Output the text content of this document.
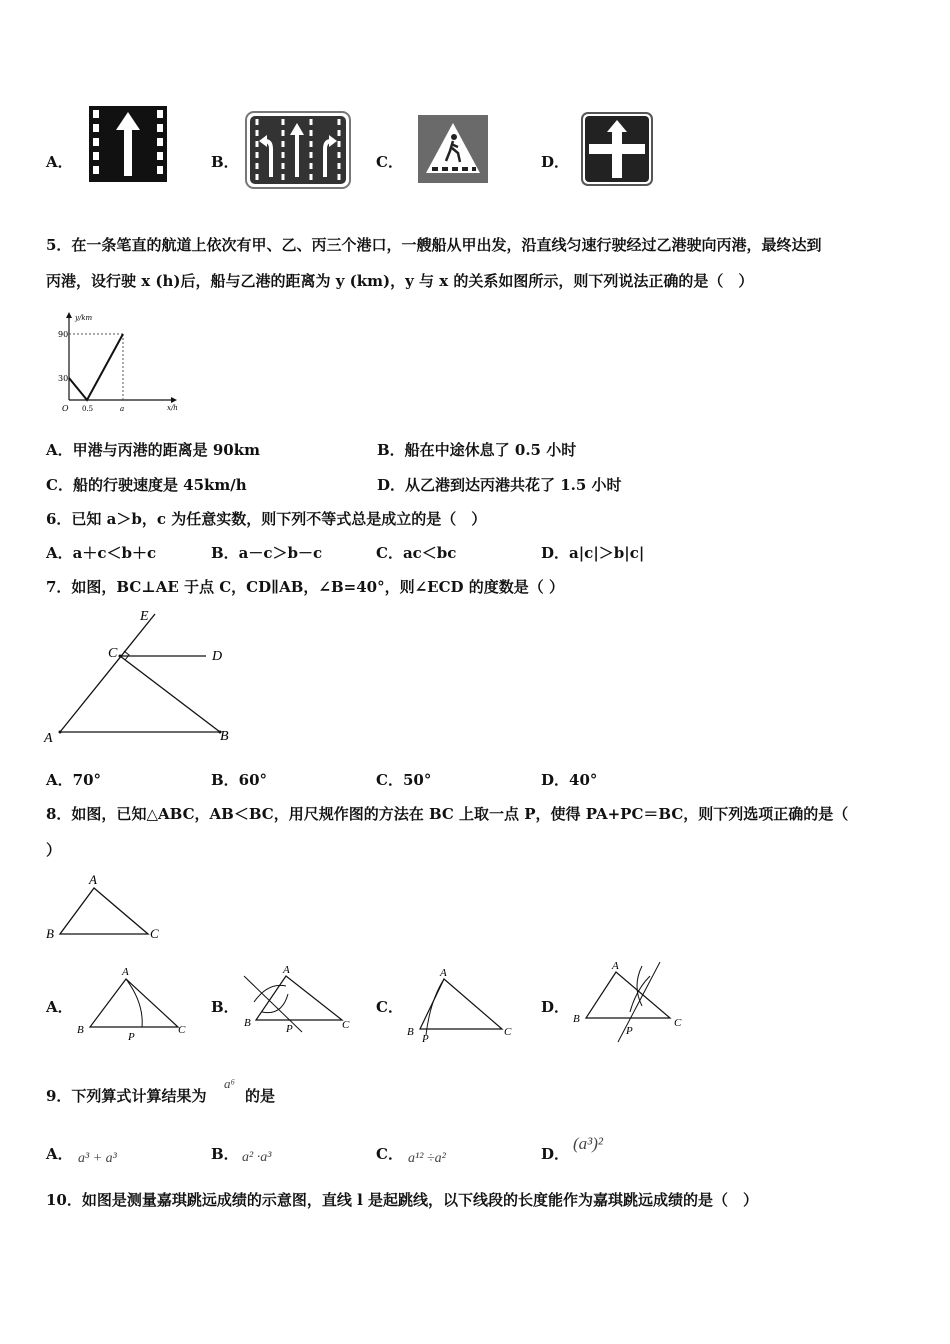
A．	B．	C．	D．
5．在一条笔直的航道上依次有甲、乙、丙三个港口，一艘船从甲出发，沿直线匀速行驶经过乙港驶向丙港，最终达到
丙港，设行驶 x (h)后，船与乙港的距离为 y (km)，y 与 x 的关系如图所示，则下列说法正确的是（　）
y/km
x/h
90
30
O 0.5	a
A．甲港与丙港的距离是 90km	B．船在中途休息了 0.5 小时
C．船的行驶速度是 45km/h	D．从乙港到达丙港共花了 1.5 小时
6．已知 a＞b，c 为任意实数，则下列不等式总是成立的是（　）
A．a＋c＜b＋c	B．a－c＞b－c	C．ac＜bc	D．a|c|＞b|c|
7．如图，BC⊥AE 于点 C，CD∥AB，∠B=40°，则∠ECD 的度数是（ ）
E
C	D
A	B
A．70°	B．60°	C．50°	D．40°
8．如图，已知△ABC，AB＜BC，用尺规作图的方法在 BC 上取一点 P，使得 PA+PC＝BC，则下列选项正确的是（
）
A
B	C
A．
A
B	C
P
B．
A
B	C
P
C．
A
B	C
P
D．
A
B	C
P
9．下列算式计算结果为
a⁶
的是
A． a³ + a³	B． a² ·a³	C． a¹² ÷a²	D．
(a³)²
10．如图是测量嘉琪跳远成绩的示意图，直线 l 是起跳线，以下线段的长度能作为嘉琪跳远成绩的是（　）
